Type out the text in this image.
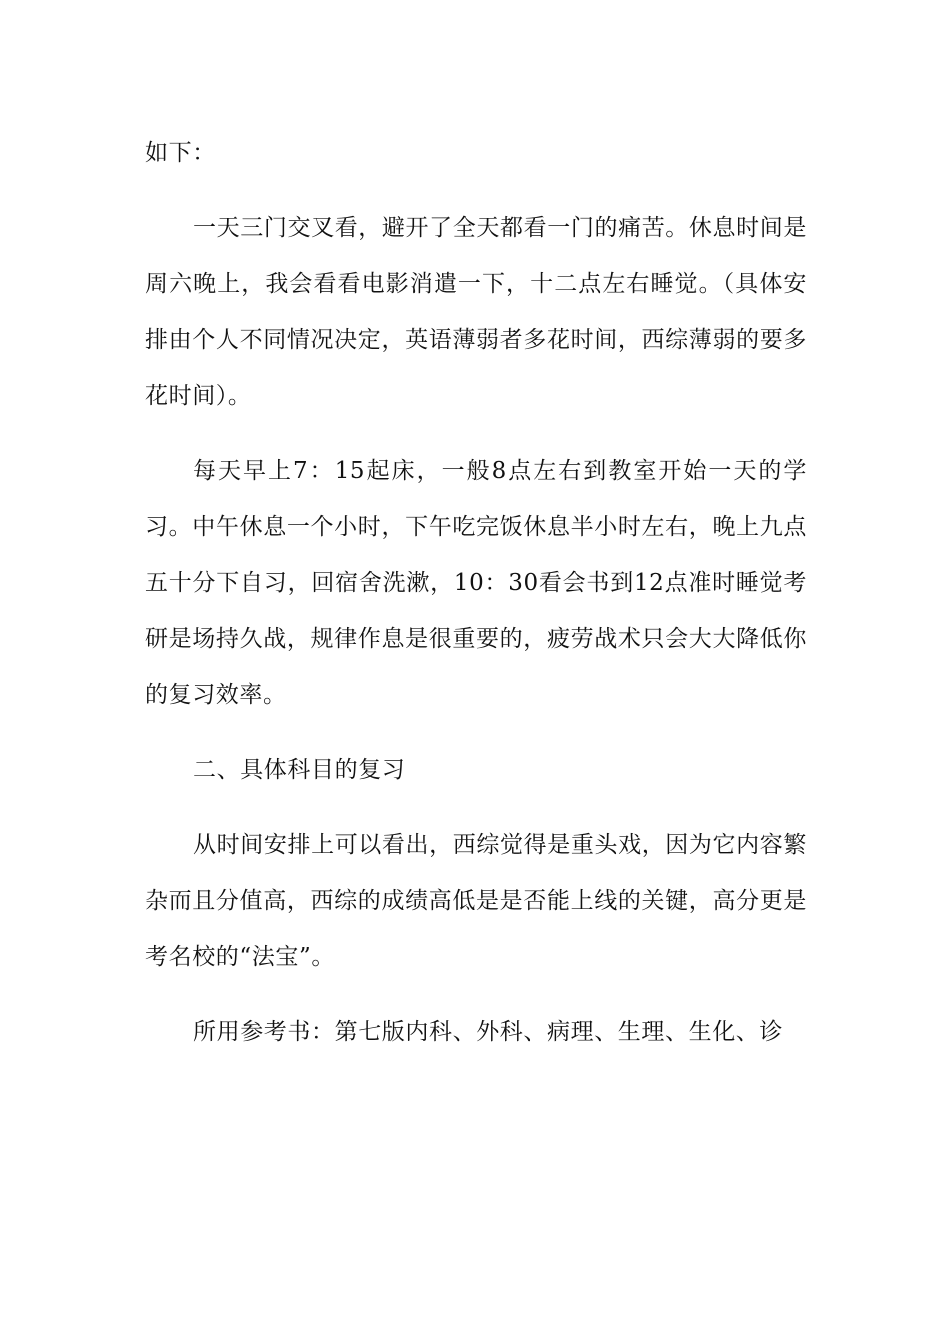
如下：

一天三门交叉看，避开了全天都看一门的痛苦。休息时间是周六晚上，我会看看电影消遣一下，十二点左右睡觉。（具体安排由个人不同情况决定，英语薄弱者多花时间，西综薄弱的要多花时间）。

每天早上7：15起床，一般8点左右到教室开始一天的学习。中午休息一个小时，下午吃完饭休息半小时左右，晚上九点五十分下自习，回宿舍洗漱，10：30看会书到12点准时睡觉考研是场持久战，规律作息是很重要的，疲劳战术只会大大降低你的复习效率。

二、具体科目的复习

从时间安排上可以看出，西综觉得是重头戏，因为它内容繁杂而且分值高，西综的成绩高低是是否能上线的关键，高分更是考名校的“法宝”。

所用参考书：第七版内科、外科、病理、生理、生化、诊
